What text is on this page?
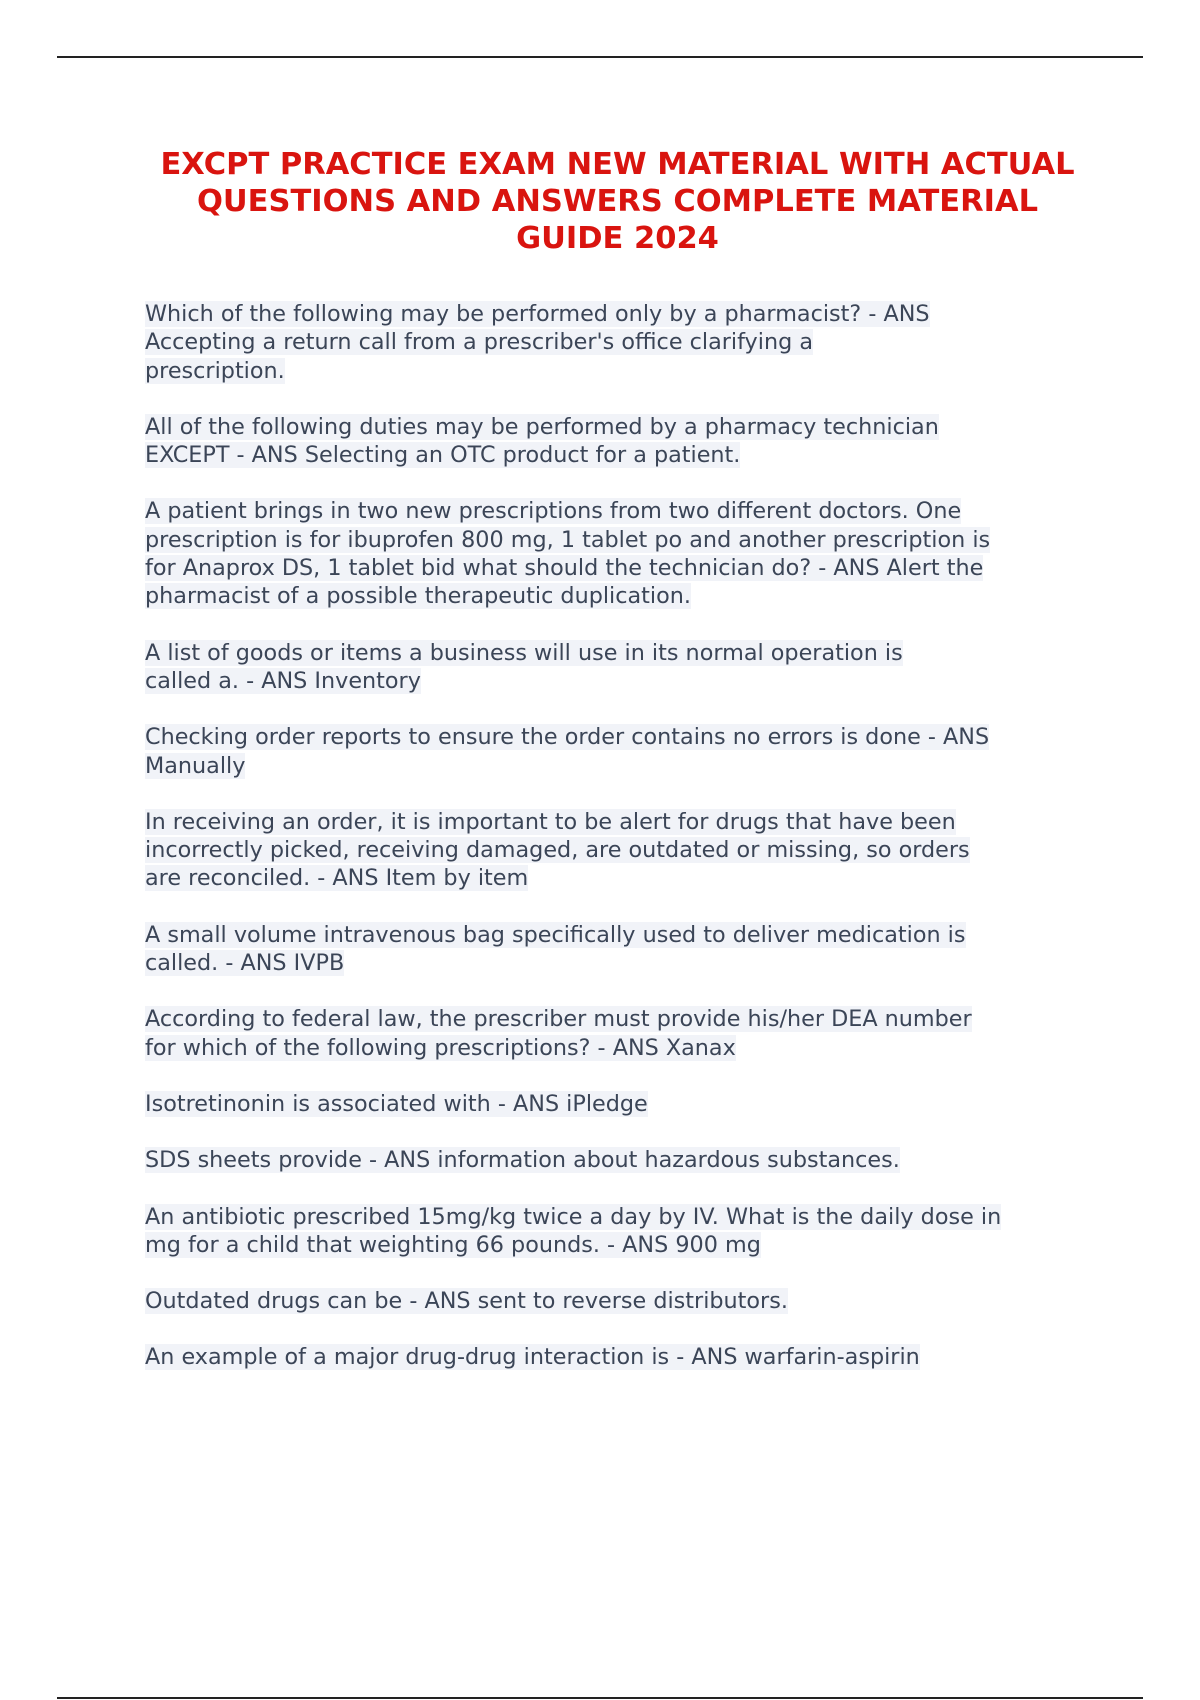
EXCPT PRACTICE EXAM NEW MATERIAL WITH ACTUAL
QUESTIONS AND ANSWERS COMPLETE MATERIAL
GUIDE 2024

Which of the following may be performed only by a pharmacist? - ANS
Accepting a return call from a prescriber's office clarifying a
prescription.

All of the following duties may be performed by a pharmacy technician
EXCEPT - ANS Selecting an OTC product for a patient.

A patient brings in two new prescriptions from two different doctors. One
prescription is for ibuprofen 800 mg, 1 tablet po and another prescription is
for Anaprox DS, 1 tablet bid what should the technician do? - ANS Alert the
pharmacist of a possible therapeutic duplication.

A list of goods or items a business will use in its normal operation is
called a. - ANS Inventory

Checking order reports to ensure the order contains no errors is done - ANS
Manually

In receiving an order, it is important to be alert for drugs that have been
incorrectly picked, receiving damaged, are outdated or missing, so orders
are reconciled. - ANS Item by item

A small volume intravenous bag specifically used to deliver medication is
called. - ANS IVPB

According to federal law, the prescriber must provide his/her DEA number
for which of the following prescriptions? - ANS Xanax

Isotretinonin is associated with - ANS iPledge

SDS sheets provide - ANS information about hazardous substances.

An antibiotic prescribed 15mg/kg twice a day by IV. What is the daily dose in
mg for a child that weighting 66 pounds. - ANS 900 mg

Outdated drugs can be - ANS sent to reverse distributors.

An example of a major drug-drug interaction is - ANS warfarin-aspirin
